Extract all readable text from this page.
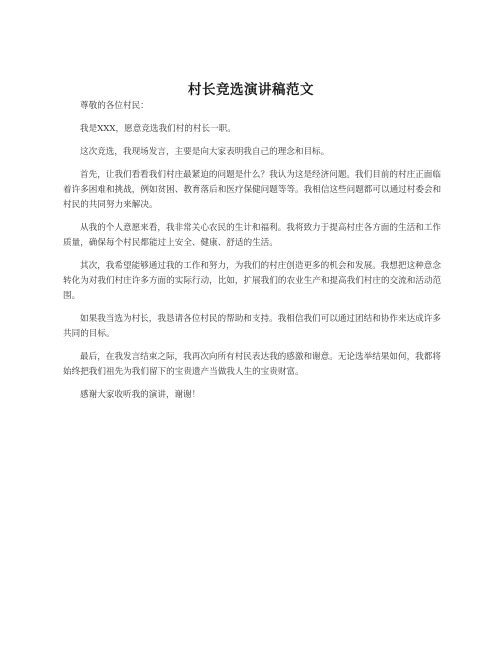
村长竞选演讲稿范文

尊敬的各位村民：

我是XXX，愿意竞选我们村的村长一职。

这次竞选，我现场发言，主要是向大家表明我自己的理念和目标。

首先，让我们看看我们村庄最紧迫的问题是什么？我认为这是经济问题。我们目前的村庄正面临着许多困难和挑战，例如贫困、教育落后和医疗保健问题等等。我相信这些问题都可以通过村委会和村民的共同努力来解决。

从我的个人意愿来看，我非常关心农民的生计和福利。我将致力于提高村庄各方面的生活和工作质量，确保每个村民都能过上安全、健康、舒适的生活。

其次，我希望能够通过我的工作和努力，为我们的村庄创造更多的机会和发展。我想把这种意念转化为对我们村庄许多方面的实际行动，比如，扩展我们的农业生产和提高我们村庄的交流和活动范围。

如果我当选为村长，我恳请各位村民的帮助和支持。我相信我们可以通过团结和协作来达成许多共同的目标。

最后，在我发言结束之际，我再次向所有村民表达我的感激和谢意。无论选举结果如何，我都将始终把我们祖先为我们留下的宝贵遗产当做我人生的宝贵财富。

感谢大家收听我的演讲，谢谢！
